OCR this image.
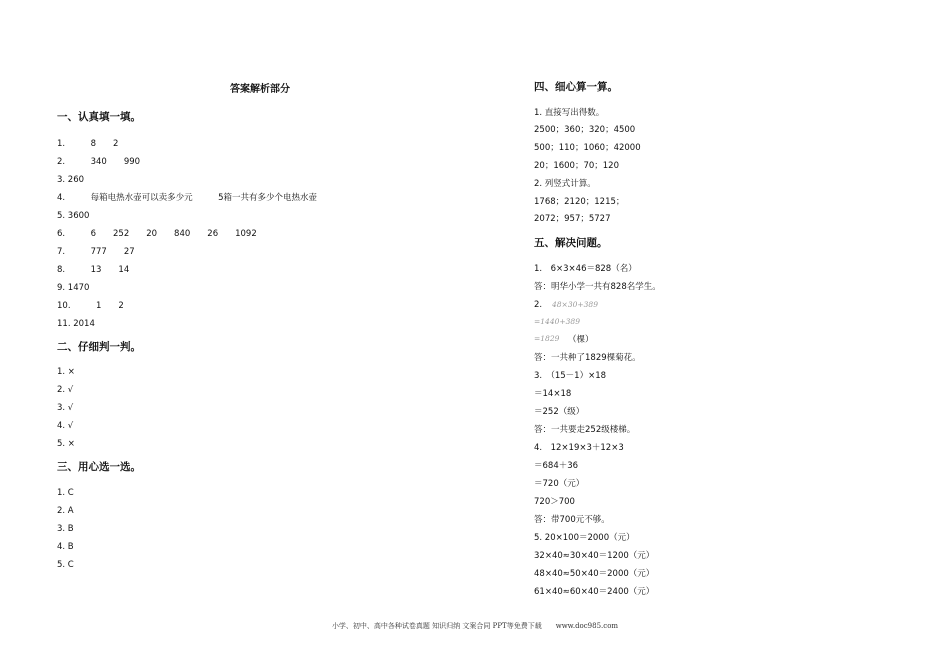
答案解析部分
一、认真填一填。
1.　　　8　　2
2.　　　340　　990
3. 260
4.　　　每箱电热水壶可以卖多少元　　　5箱一共有多少个电热水壶
5. 3600
6.　　　6　　252　　20　　840　　26　　1092
7.　　　777　　27
8.　　　13　　14
9. 1470
10.　　　1　　2
11. 2014
二、仔细判一判。
1. ×
2. √
3. √
4. √
5. ×
三、用心选一选。
1. C
2. A
3. B
4. B
5. C
四、细心算一算。
1. 直接写出得数。
2500；360；320；4500
500；110；1060；42000
20；1600；70；120
2. 列竖式计算。
1768；2120；1215；
2072；957；5727
五、解决问题。
1.　6×3×46＝828（名）
答：明华小学一共有828名学生。
2. 48×30+389
=1440+389
=1829 （棵）
答：一共种了1829棵菊花。
3.　（15－1）×18
＝14×18
＝252（级）
答：一共要走252级楼梯。
4.　12×19×3＋12×3
＝684＋36
＝720（元）
720＞700
答：带700元不够。
5. 20×100＝2000（元）
32×40≈30×40＝1200（元）
48×40≈50×40＝2000（元）
61×40≈60×40＝2400（元）
小学、初中、高中各种试卷真题 知识归纳 文案合同 PPT等免费下载　　www.doc985.com
